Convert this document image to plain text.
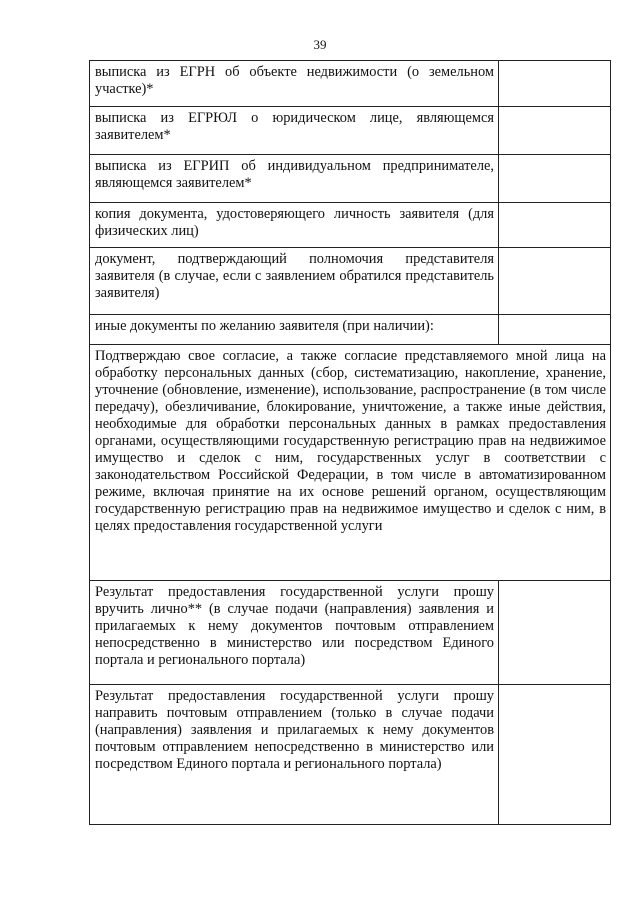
39
выписка из ЕГРН об объекте недвижимости (о земельном участке)*	
выписка из ЕГРЮЛ о юридическом лице, являющемся заявителем*	
выписка из ЕГРИП об индивидуальном предпринимателе, являющемся заявителем*	
копия документа, удостоверяющего личность заявителя (для физических лиц)	
документ, подтверждающий полномочия представителя заявителя (в случае, если с заявлением обратился представитель заявителя)	
иные документы по желанию заявителя (при наличии):	
Подтверждаю свое согласие, а также согласие представляемого мной лица на обработку персональных данных (сбор, систематизацию, накопление, хранение, уточнение (обновление, изменение), использование, распространение (в том числе передачу), обезличивание, блокирование, уничтожение, а также иные действия, необходимые для обработки персональных данных в рамках предоставления органами, осуществляющими государственную регистрацию прав на недвижимое имущество и сделок с ним, государственных услуг в соответствии с законодательством Российской Федерации, в том числе в автоматизированном режиме, включая принятие на их основе решений органом, осуществляющим государственную регистрацию прав на недвижимое имущество и сделок с ним, в целях предоставления государственной услуги	
Результат предоставления государственной услуги прошу вручить лично** (в случае подачи (направления) заявления и прилагаемых к нему документов почтовым отправлением непосредственно в министерство или посредством Единого портала и регионального портала)	
Результат предоставления государственной услуги прошу направить почтовым отправлением (только в случае подачи (направления) заявления и прилагаемых к нему документов почтовым отправлением непосредственно в министерство или посредством Единого портала и регионального портала)	
